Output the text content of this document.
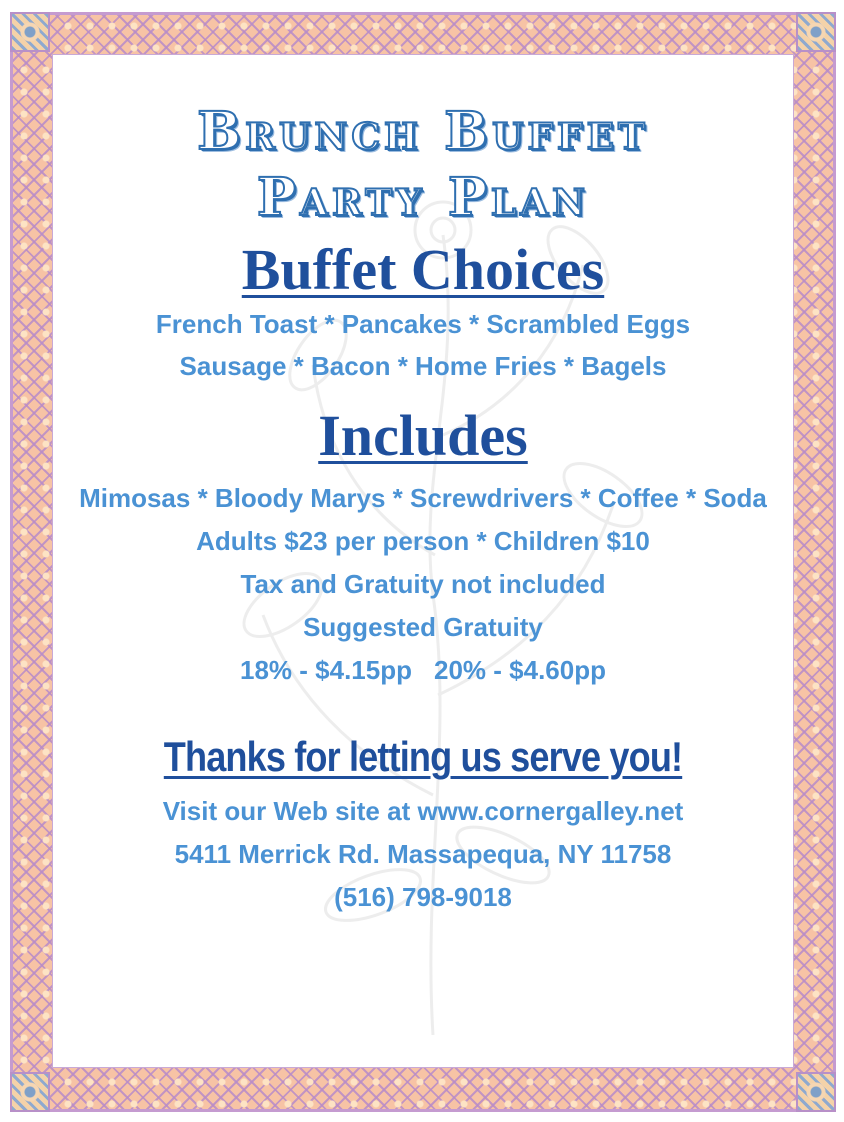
Brunch Buffet
Party Plan
Buffet Choices

French Toast * Pancakes * Scrambled Eggs

Sausage * Bacon * Home Fries * Bagels

Includes

Mimosas * Bloody Marys * Screwdrivers * Coffee * Soda

Adults $23 per person * Children $10

Tax and Gratuity not included

Suggested Gratuity

18% - $4.15pp 20% - $4.60pp

Thanks for letting us serve you!

Visit our Web site at www.cornergalley.net

5411 Merrick Rd. Massapequa, NY 11758

(516) 798-9018
